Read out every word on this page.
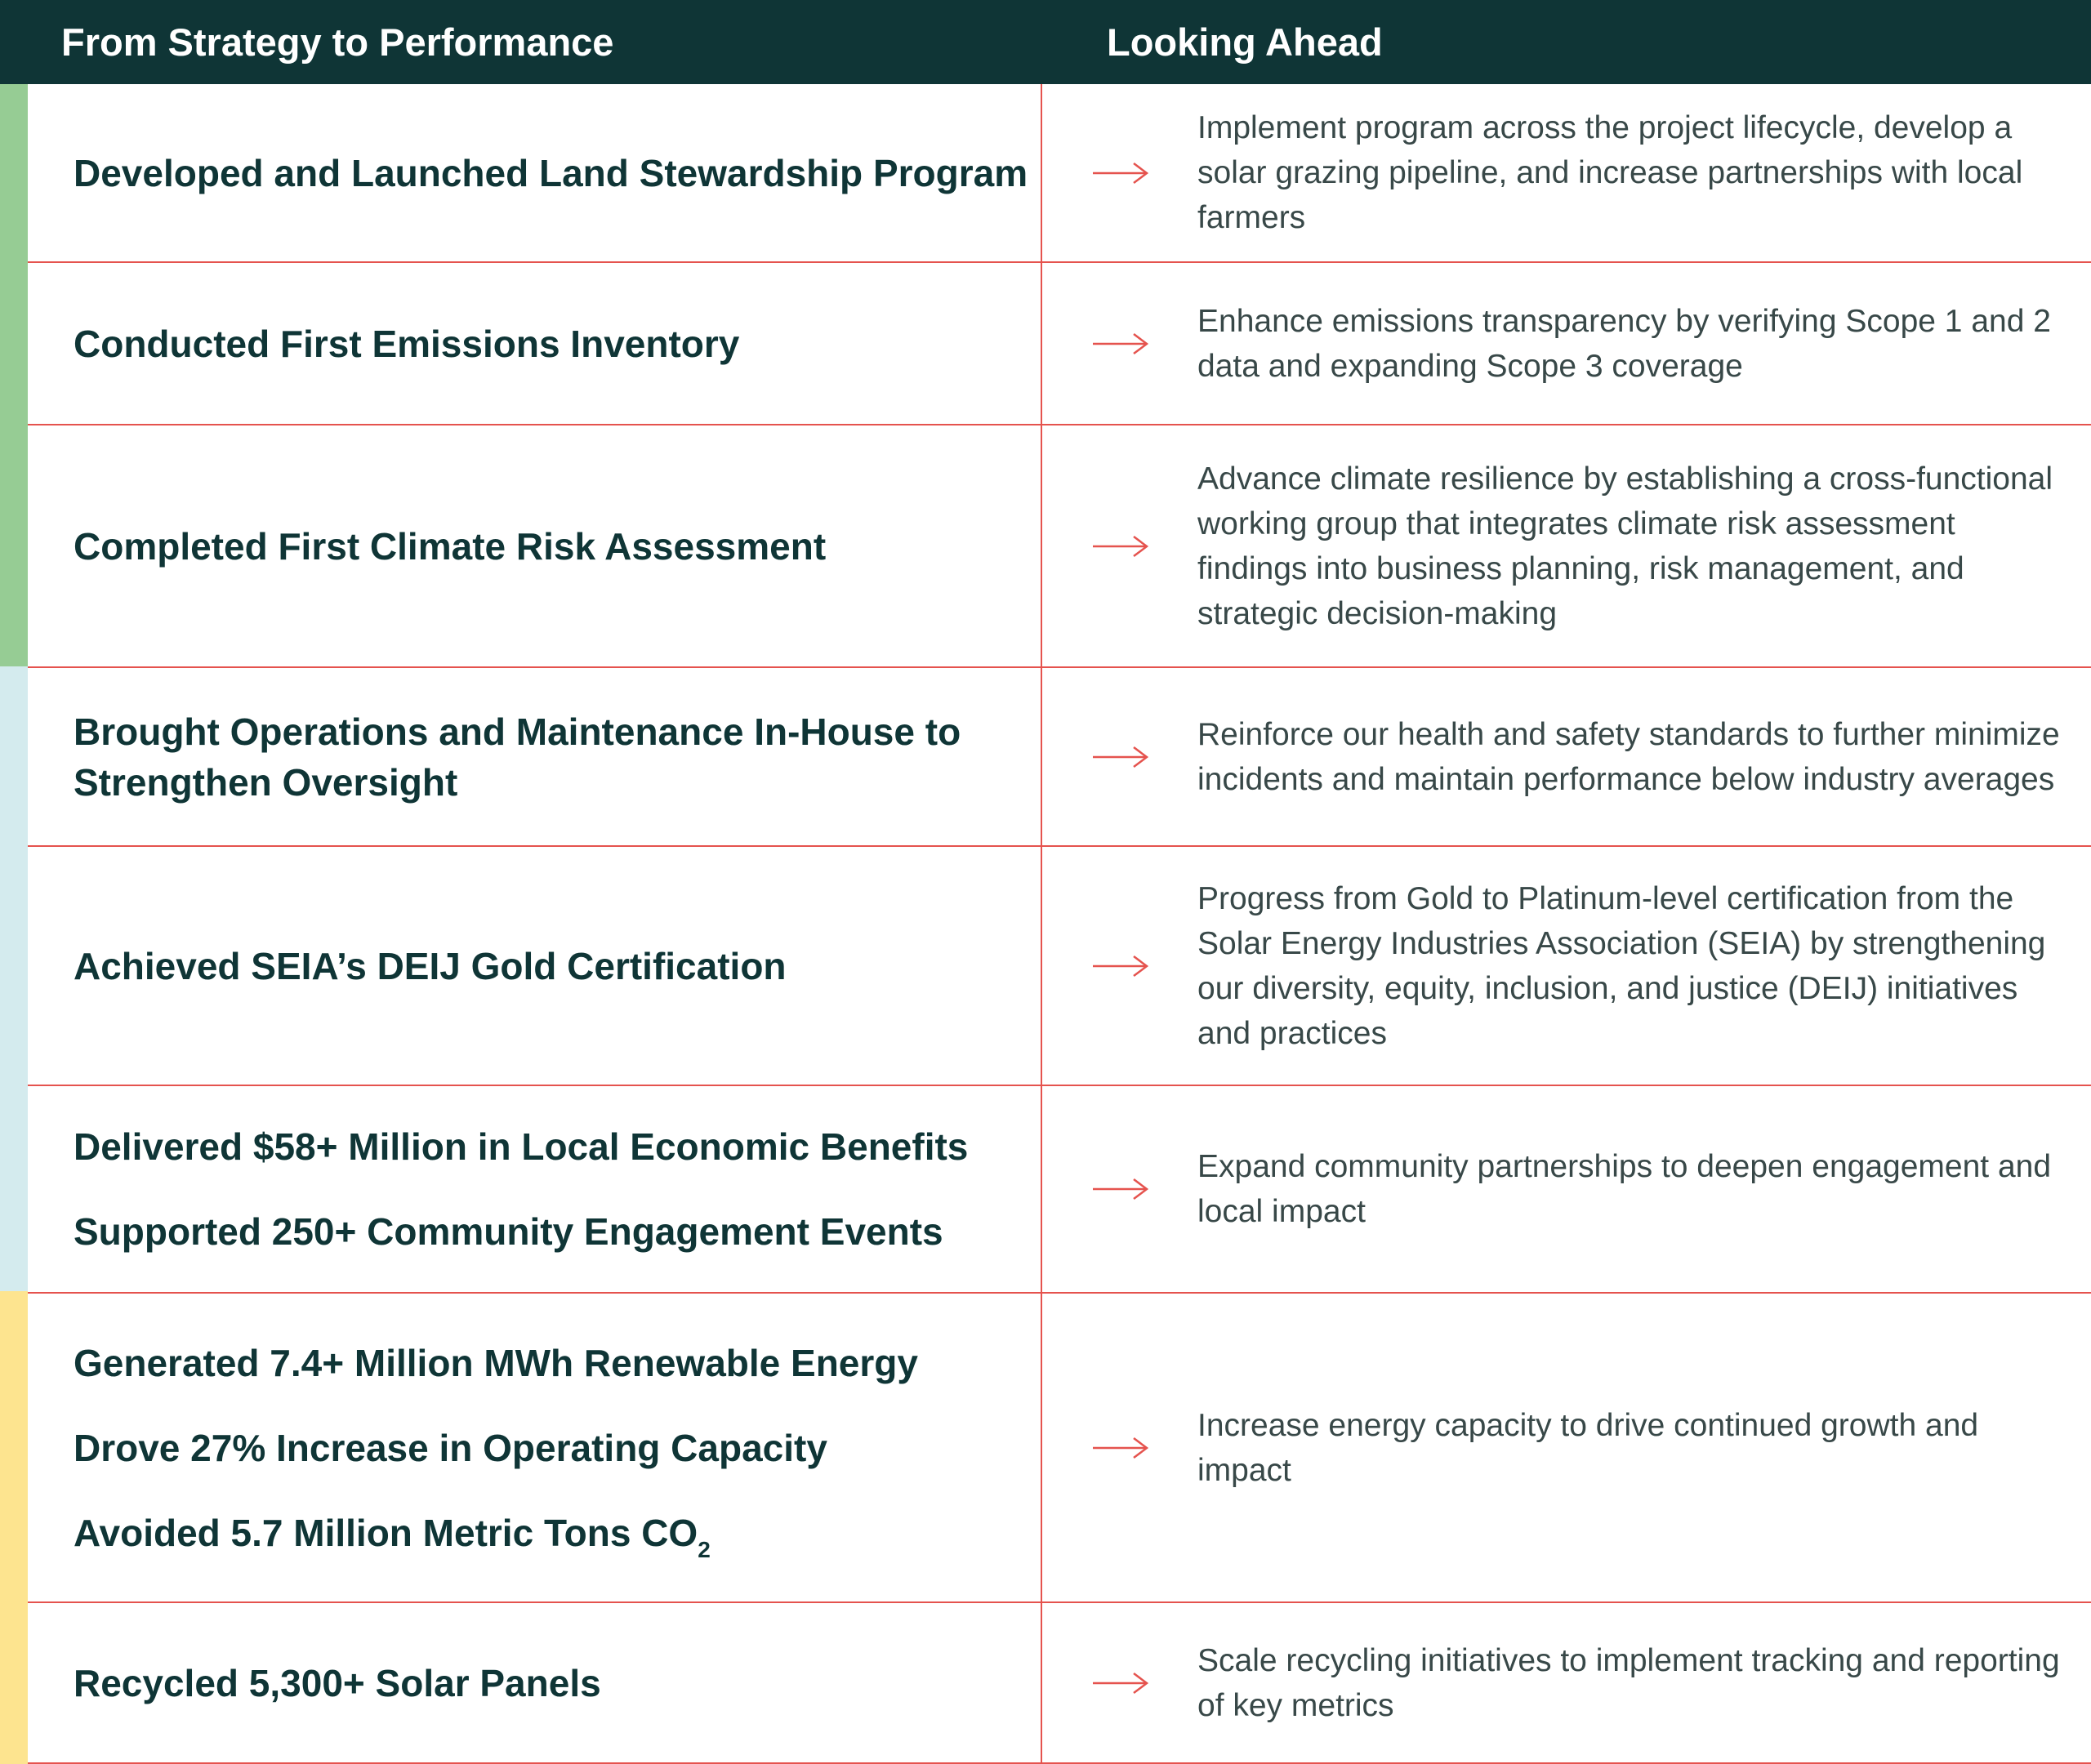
From Strategy to Performance	Looking Ahead
Developed and Launched Land Stewardship Program
Implement program across the project lifecycle, develop a solar grazing pipeline, and increase partnerships with local farmers
Conducted First Emissions Inventory
Enhance emissions transparency by verifying Scope 1 and 2 data and expanding Scope 3 coverage
Completed First Climate Risk Assessment
Advance climate resilience by establishing a cross-functional working group that integrates climate risk assessment findings into business planning, risk management, and strategic decision-making
Brought Operations and Maintenance In-House to Strengthen Oversight
Reinforce our health and safety standards to further minimize incidents and maintain performance below industry averages
Achieved SEIA’s DEIJ Gold Certification
Progress from Gold to Platinum-level certification from the Solar Energy Industries Association (SEIA) by strengthening our diversity, equity, inclusion, and justice (DEIJ) initiatives and practices
Delivered $58+ Million in Local Economic Benefits
Supported 250+ Community Engagement Events
Expand community partnerships to deepen engagement and local impact
Generated 7.4+ Million MWh Renewable Energy
Drove 27% Increase in Operating Capacity
Avoided 5.7 Million Metric Tons $CO_2$
Increase energy capacity to drive continued growth and impact
Recycled 5,300+ Solar Panels
Scale recycling initiatives to implement tracking and reporting of key metrics
